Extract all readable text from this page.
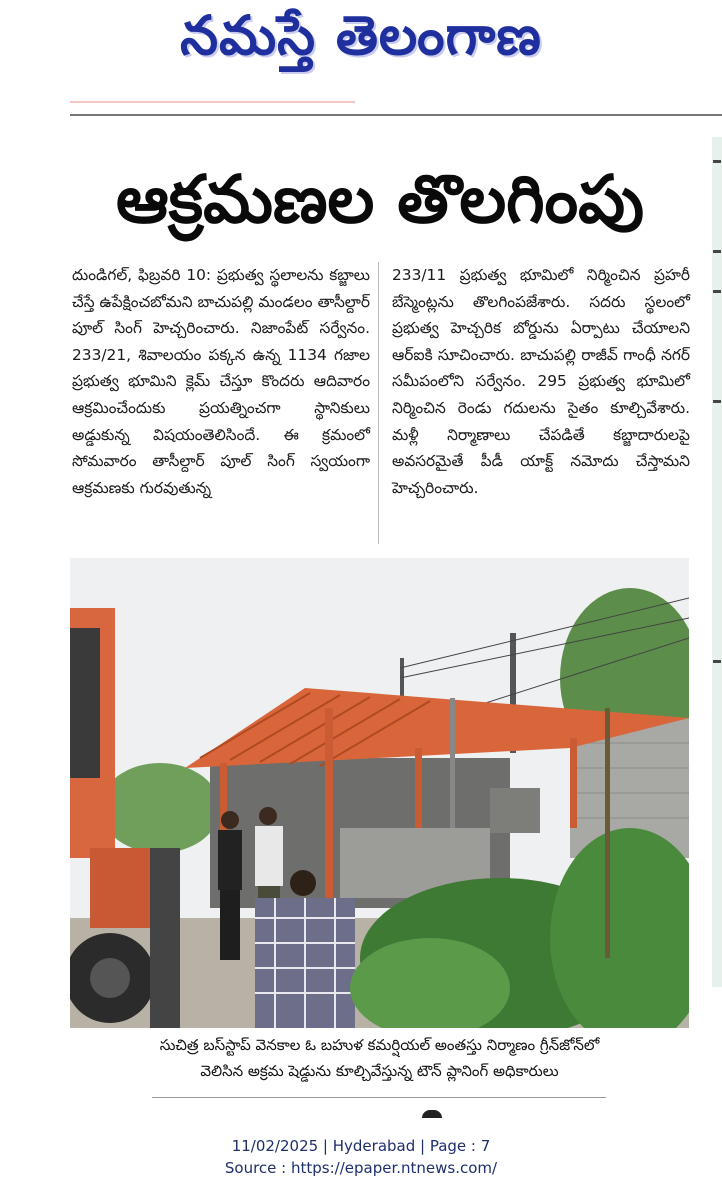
నమస్తే తెలంగాణ
ఆక్రమణల తొలగింపు

దుండిగల్‌, ఫిబ్రవరి 10: ప్రభుత్వ స్థలాలను కబ్జాలు చేస్తే ఉపేక్షించబోమని బాచుపల్లి మండలం తాసీల్దార్‌ పూల్‌ సింగ్‌ హెచ్చరించారు. నిజాంపేట్‌ సర్వేనం. 233/21, శివాలయం పక్కన ఉన్న 1134 గజాల ప్రభుత్వ భూమిని క్లెమ్‌ చేస్తూ కొందరు ఆదివారం ఆక్రమించేందుకు ప్రయత్నించగా స్థానికులు అడ్డుకున్న విషయంతెలిసిందే. ఈ క్రమంలో సోమవారం తాసీల్దార్‌ పూల్‌ సింగ్‌ స్వయంగా ఆక్రమణకు గురవుతున్న

233/11 ప్రభుత్వ భూమిలో నిర్మించిన ప్రహరీ బేస్మెంట్లను తొలగింపజేశారు. సదరు స్థలంలో ప్రభుత్వ హెచ్చరిక బోర్డును ఏర్పాటు చేయాలని ఆర్‌ఐకి సూచించారు. బాచుపల్లి రాజీవ్‌ గాంధీ నగర్‌ సమీపంలోని సర్వేనం. 295 ప్రభుత్వ భూమిలో నిర్మించిన రెండు గదులను సైతం కూల్చివేశారు. మళ్లీ నిర్మాణాలు చేపడితే కబ్జాదారులపై అవసరమైతే పీడీ యాక్ట్‌ నమోదు చేస్తామని హెచ్చరించారు.

సుచిత్ర బస్‌స్టాప్‌ వెనకాల ఓ బహుళ కమర్షియల్‌ అంతస్తు నిర్మాణం గ్రీన్‌జోన్‌లో

వెలిసిన అక్రమ షెడ్డును కూల్చివేస్తున్న టౌన్‌ ప్లానింగ్‌ అధికారులు

11/02/2025 | Hyderabad | Page : 7
Source : https://epaper.ntnews.com/
